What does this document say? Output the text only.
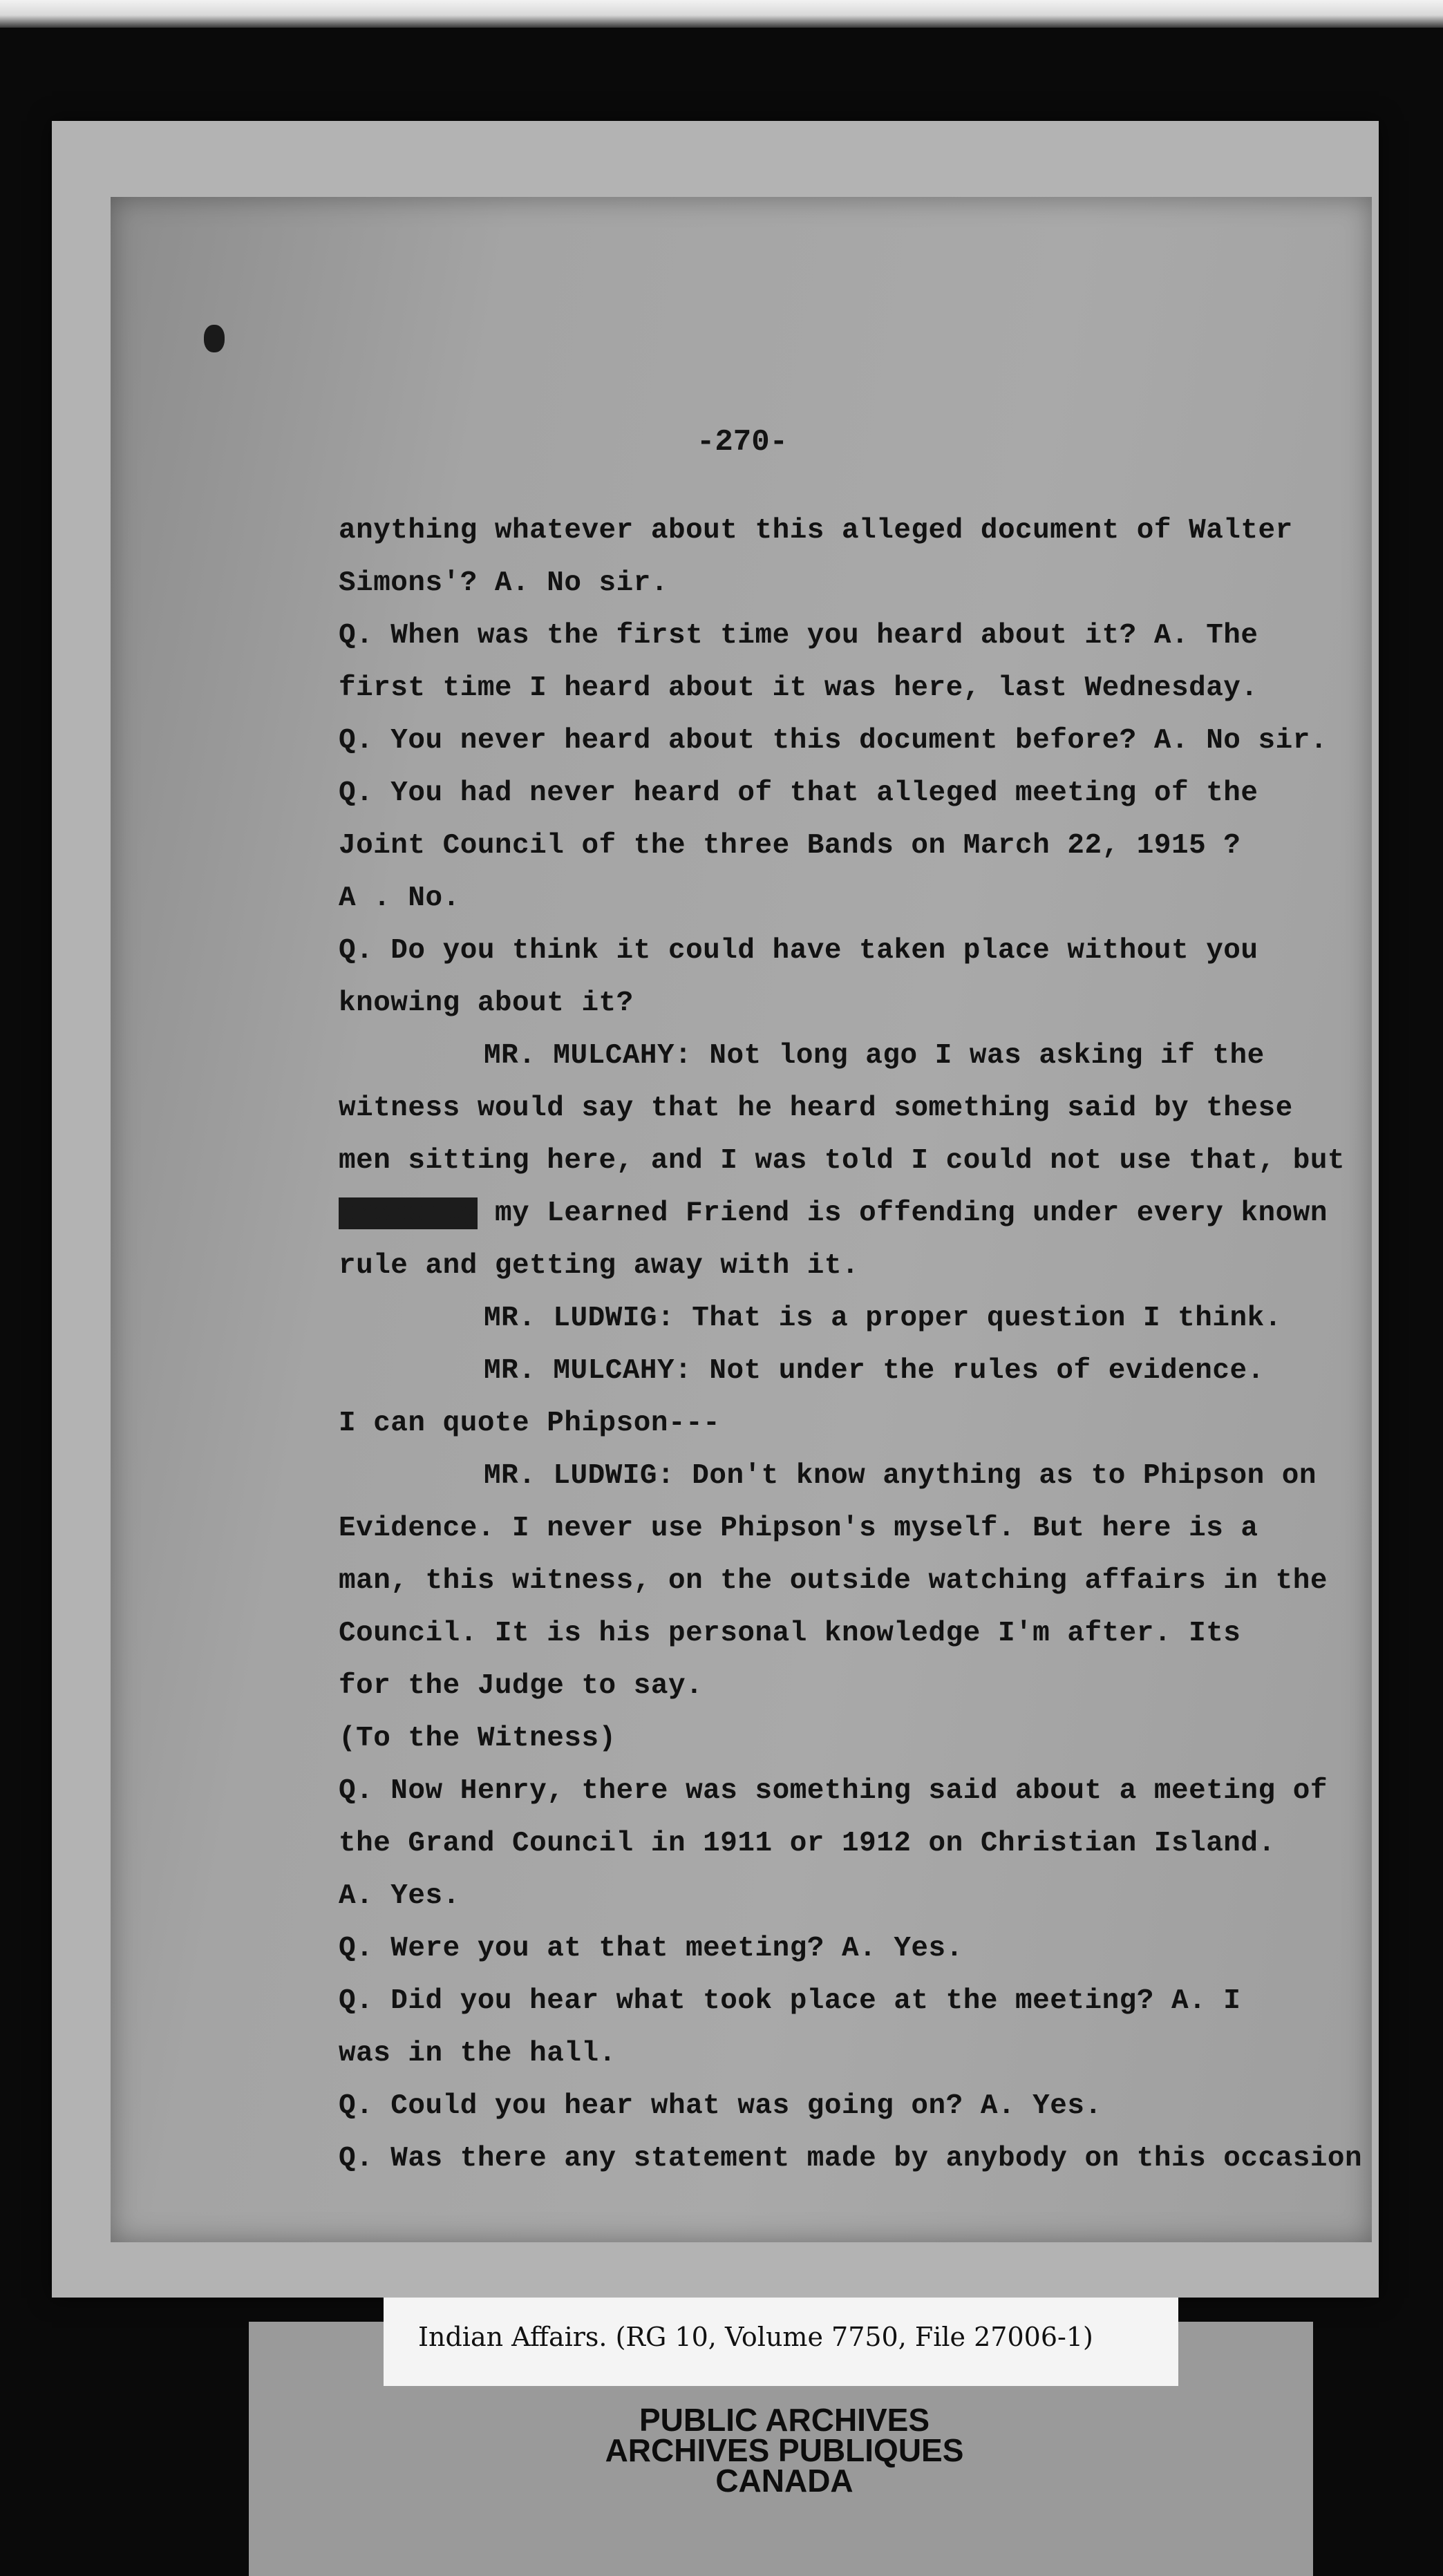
-270-
anything whatever about this alleged document of Walter
Simons'? A. No sir.
Q. When was the first time you heard about it? A. The
first time I heard about it was here, last Wednesday.
Q. You never heard about this document before? A. No sir.
Q. You had never heard of that alleged meeting of the
Joint Council of the three Bands on March 22, 1915 ?
A . No.
Q. Do you think it could have taken place without you
knowing about it?
MR. MULCAHY: Not long ago I was asking if the
witness would say that he heard something said by these
men sitting here, and I was told I could not use that, but
properly my Learned Friend is offending under every known
rule and getting away with it.
MR. LUDWIG: That is a proper question I think.
MR. MULCAHY: Not under the rules of evidence.
I can quote Phipson---
MR. LUDWIG: Don't know anything as to Phipson on
Evidence. I never use Phipson's myself. But here is a
man, this witness, on the outside watching affairs in the
Council. It is his personal knowledge I'm after. Its
for the Judge to say.
(To the Witness)
Q. Now Henry, there was something said about a meeting of
the Grand Council in 1911 or 1912 on Christian Island.
A. Yes.
Q. Were you at that meeting? A. Yes.
Q. Did you hear what took place at the meeting? A. I
was in the hall.
Q. Could you hear what was going on? A. Yes.
Q. Was there any statement made by anybody on this occasion
Indian Affairs. (RG 10, Volume 7750, File 27006-1)
PUBLIC ARCHIVES
ARCHIVES PUBLIQUES
CANADA
